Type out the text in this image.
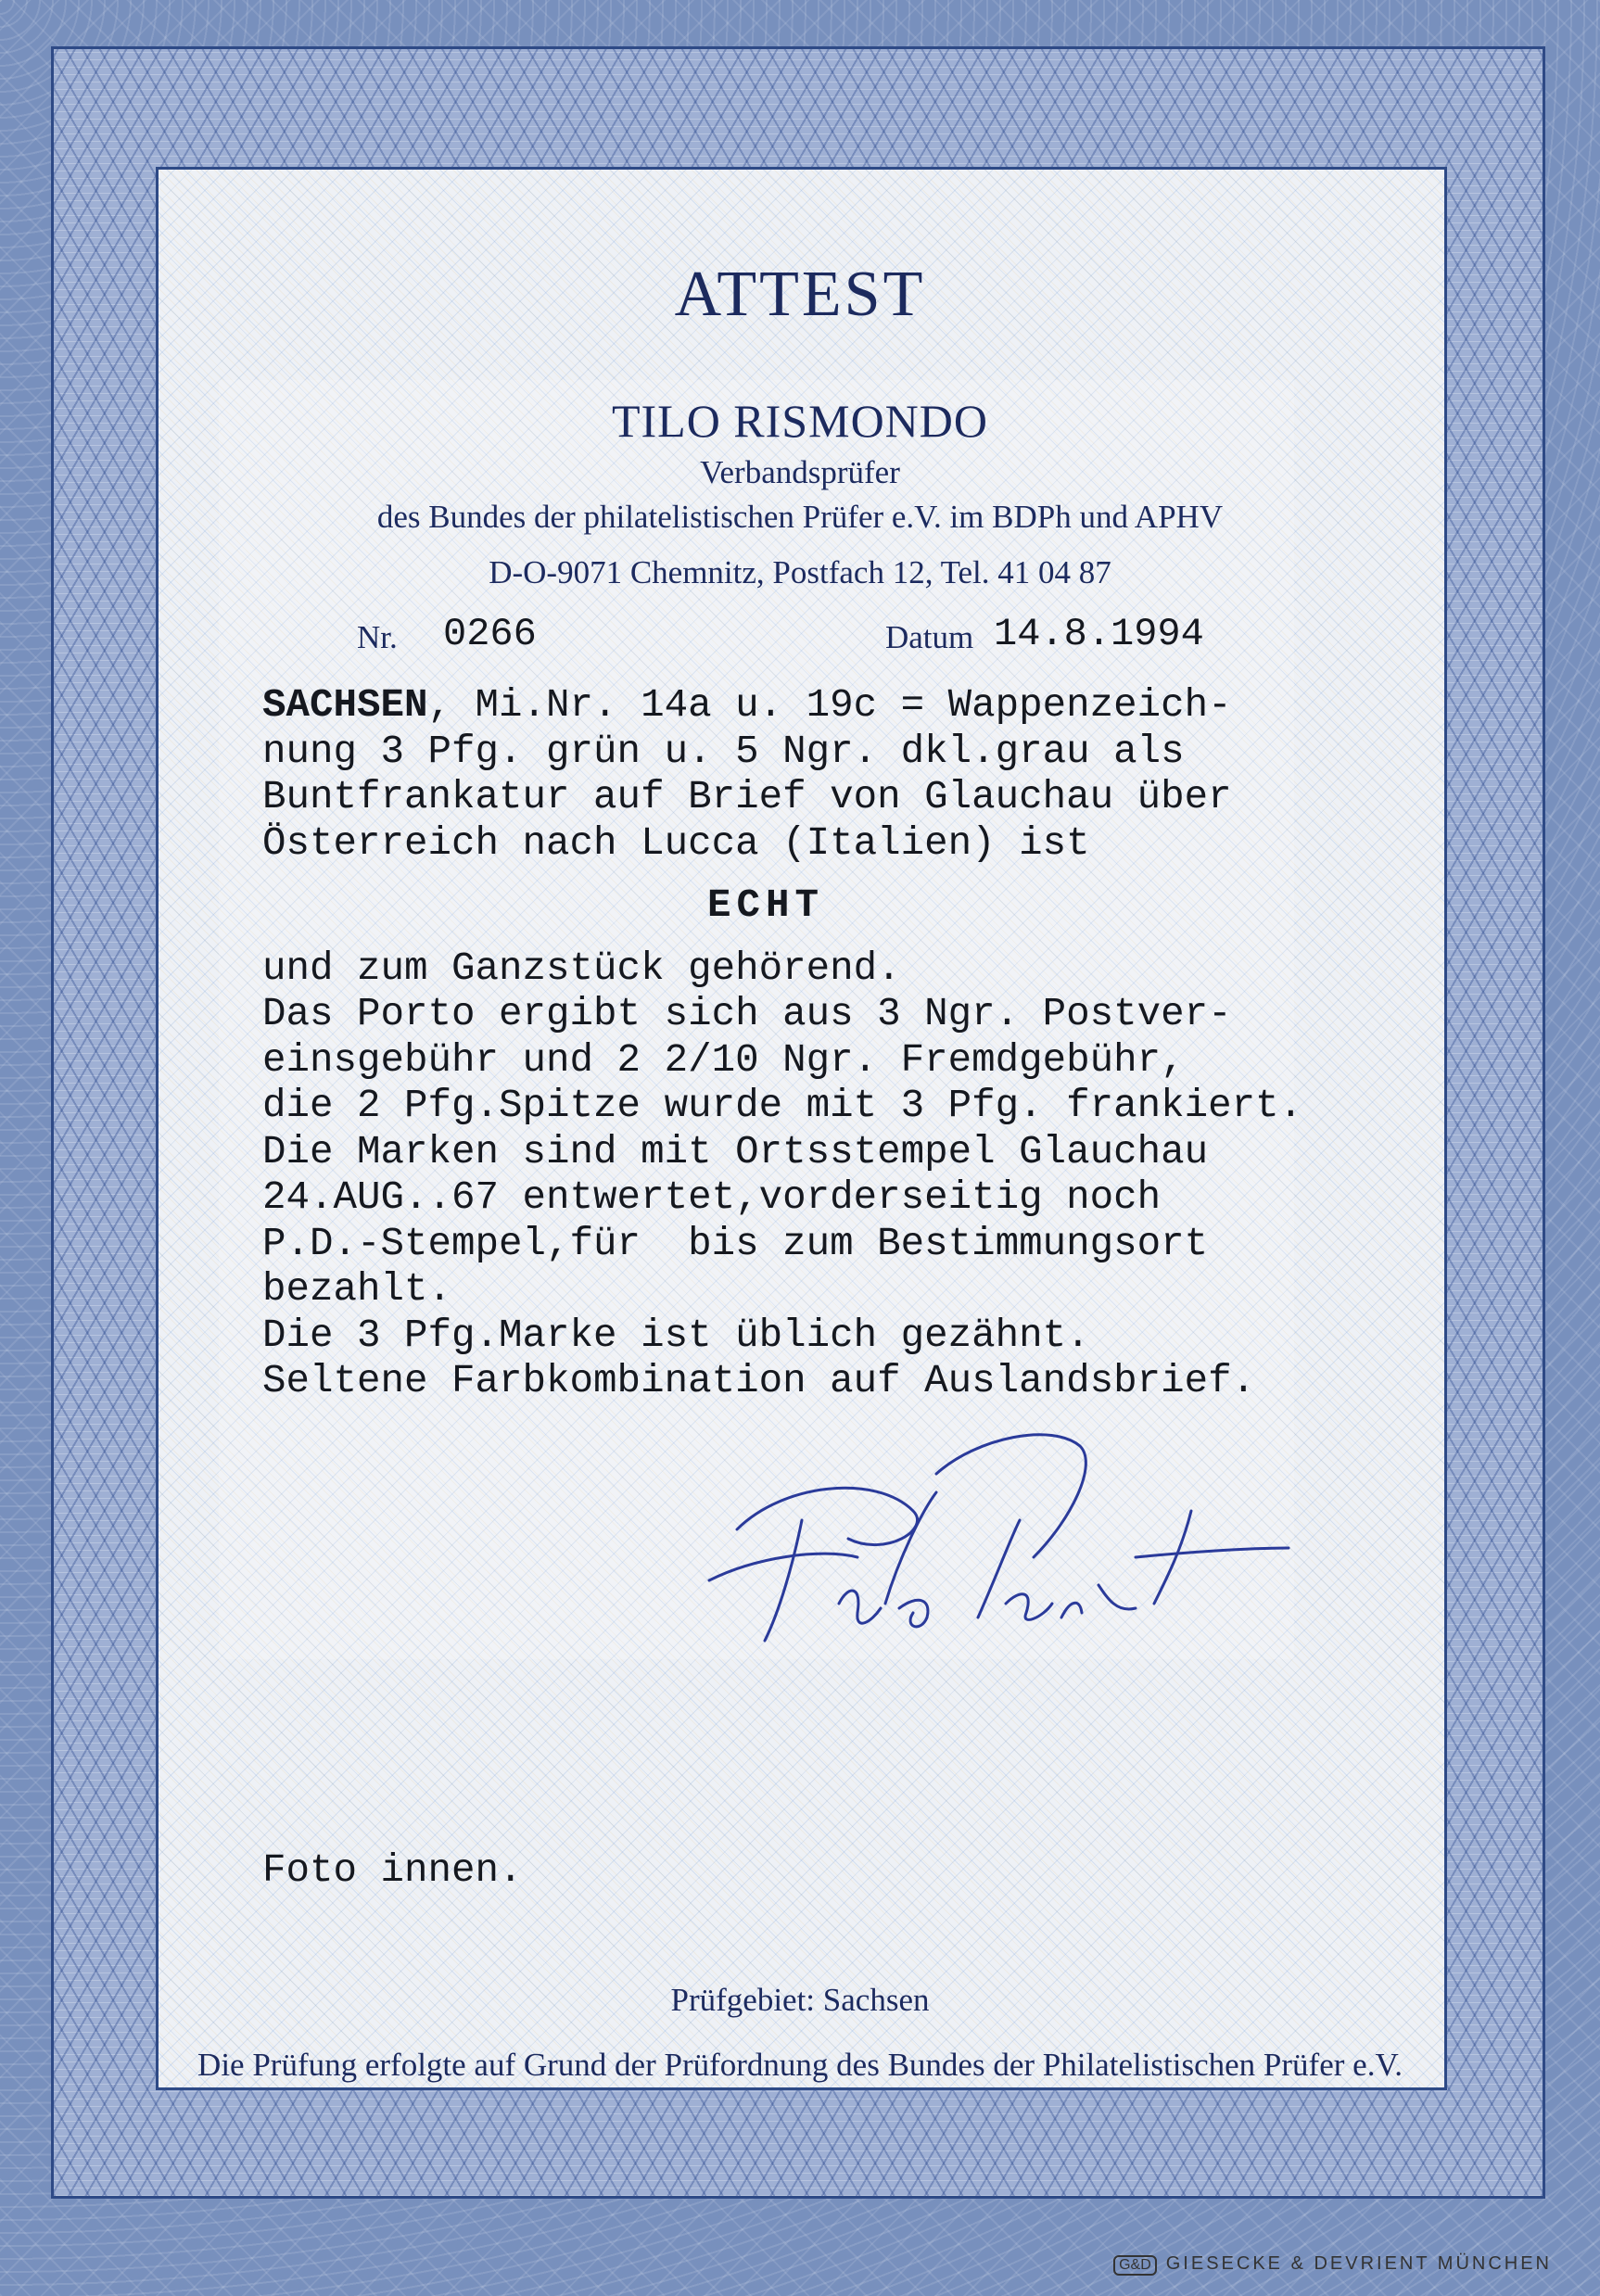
ATTEST
TILO RISMONDO
Verbandsprüfer
des Bundes der philatelistischen Prüfer e.V. im BDPh und APHV
D-O-9071 Chemnitz, Postfach 12, Tel. 41 04 87
Nr. 0266	Datum 14.8.1994
SACHSEN, Mi.Nr. 14a u. 19c = Wappenzeich-
nung 3 Pfg. grün u. 5 Ngr. dkl.grau als
Buntfrankatur auf Brief von Glauchau über
Österreich nach Lucca (Italien) ist
ECHT
und zum Ganzstück gehörend.
Das Porto ergibt sich aus 3 Ngr. Postver-
einsgebühr und 2 2/10 Ngr. Fremdgebühr,
die 2 Pfg.Spitze wurde mit 3 Pfg. frankiert.
Die Marken sind mit Ortsstempel Glauchau
24.AUG..67 entwertet,vorderseitig noch
P.D.-Stempel,für  bis zum Bestimmungsort
bezahlt.
Die 3 Pfg.Marke ist üblich gezähnt.
Seltene Farbkombination auf Auslandsbrief.
Foto innen.
Prüfgebiet: Sachsen
Die Prüfung erfolgte auf Grund der Prüfordnung des Bundes der Philatelistischen Prüfer e.V.
G&D GIESECKE & DEVRIENT MÜNCHEN
